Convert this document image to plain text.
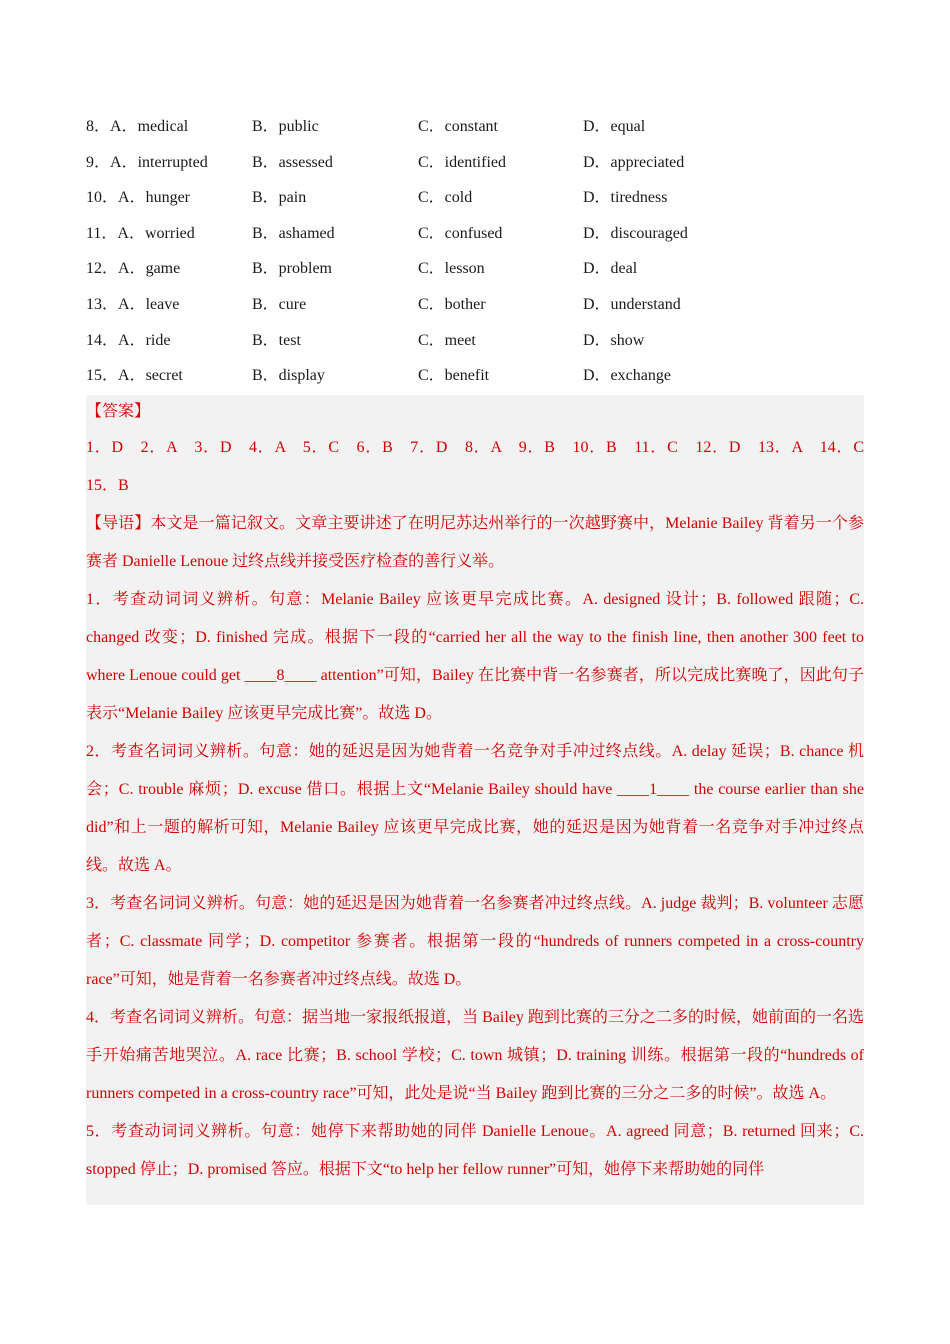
8．A．medical	B．public	C．constant	D．equal
9．A．interrupted	B．assessed	C．identified	D．appreciated
10．A．hunger	B．pain	C．cold	D．tiredness
11．A．worried	B．ashamed	C．confused	D．discouraged
12．A．game	B．problem	C．lesson	D．deal
13．A．leave	B．cure	C．bother	D．understand
14．A．ride	B．test	C．meet	D．show
15．A．secret	B．display	C．benefit	D．exchange
【答案】
1．D　2．A　3．D　4．A　5．C　6．B　7．D　8．A　9．B　10．B　11．C　12．D　13．A　14．C
15．B

【导语】本文是一篇记叙文。文章主要讲述了在明尼苏达州举行的一次越野赛中，Melanie Bailey 背着另一个参赛者 Danielle Lenoue 过终点线并接受医疗检查的善行义举。

1．考查动词词义辨析。句意：Melanie Bailey 应该更早完成比赛。A. designed 设计；B. followed 跟随；C. changed 改变；D. finished 完成。根据下一段的“carried her all the way to the finish line, then another 300 feet to where Lenoue could get ____8____ attention”可知，Bailey 在比赛中背一名参赛者，所以完成比赛晚了，因此句子表示“Melanie Bailey 应该更早完成比赛”。故选 D。

2．考查名词词义辨析。句意：她的延迟是因为她背着一名竞争对手冲过终点线。A. delay 延误；B. chance 机会；C. trouble 麻烦；D. excuse 借口。根据上文“Melanie Bailey should have ____1____ the course earlier than she did”和上一题的解析可知，Melanie Bailey 应该更早完成比赛，她的延迟是因为她背着一名竞争对手冲过终点线。故选 A。

3．考查名词词义辨析。句意：她的延迟是因为她背着一名参赛者冲过终点线。A. judge 裁判；B. volunteer 志愿者；C. classmate 同学；D. competitor 参赛者。根据第一段的“hundreds of runners competed in a cross-country race”可知，她是背着一名参赛者冲过终点线。故选 D。

4．考查名词词义辨析。句意：据当地一家报纸报道，当 Bailey 跑到比赛的三分之二多的时候，她前面的一名选手开始痛苦地哭泣。A. race 比赛；B. school 学校；C. town 城镇；D. training 训练。根据第一段的“hundreds of runners competed in a cross-country race”可知，此处是说“当 Bailey 跑到比赛的三分之二多的时候”。故选 A。

5．考查动词词义辨析。句意：她停下来帮助她的同伴 Danielle Lenoue。A. agreed 同意；B. returned 回来；C. stopped 停止；D. promised 答应。根据下文“to help her fellow runner”可知，她停下来帮助她的同伴
